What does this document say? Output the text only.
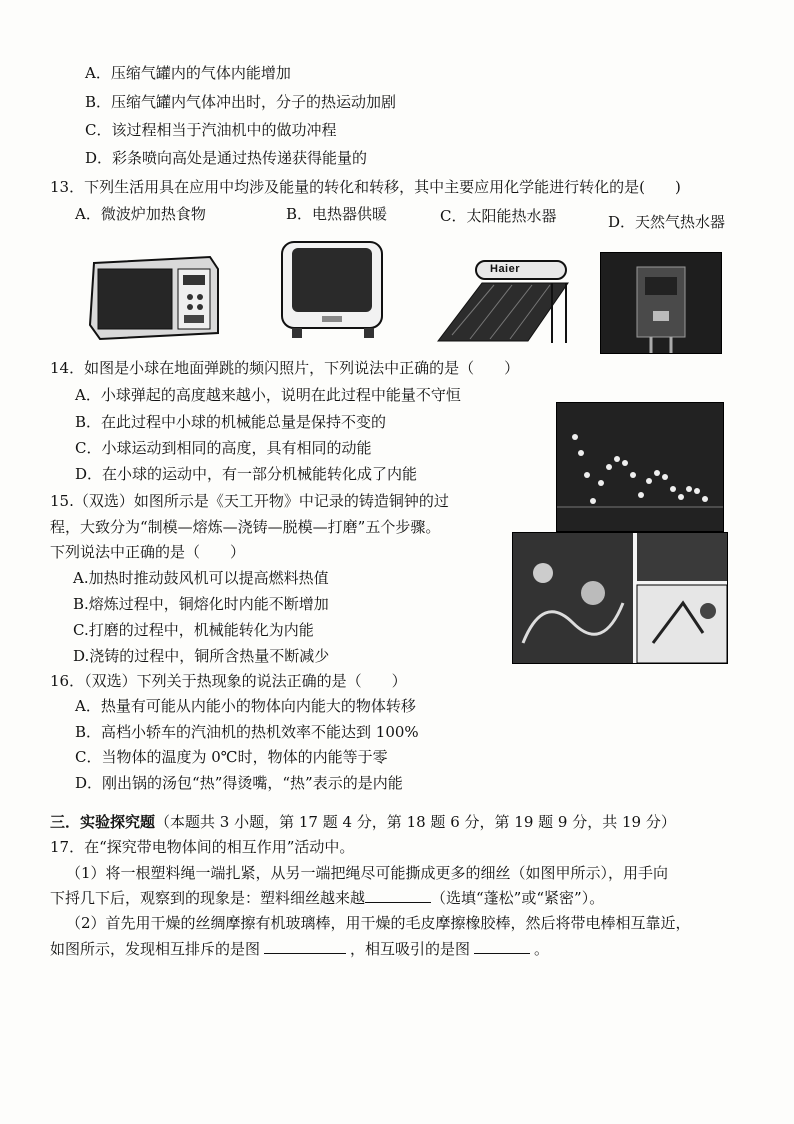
A．压缩气罐内的气体内能增加
B．压缩气罐内气体冲出时，分子的热运动加剧
C．该过程相当于汽油机中的做功冲程
D．彩条喷向高处是通过热传递获得能量的
13．下列生活用具在应用中均涉及能量的转化和转移，其中主要应用化学能进行转化的是(　　)
A．微波炉加热食物	B．电热器供暖	C．太阳能热水器	D．天然气热水器
Haier
14．如图是小球在地面弹跳的频闪照片，下列说法中正确的是（　　）
A．小球弹起的高度越来越小，说明在此过程中能量不守恒
B．在此过程中小球的机械能总量是保持不变的
C．小球运动到相同的高度，具有相同的动能
D．在小球的运动中，有一部分机械能转化成了内能
15.（双选）如图所示是《天工开物》中记录的铸造铜钟的过
程，大致分为“制模—熔炼—浇铸—脱模—打磨”五个步骤。
下列说法中正确的是（　　）
A.加热时推动鼓风机可以提高燃料热值
B.熔炼过程中，铜熔化时内能不断增加
C.打磨的过程中，机械能转化为内能
D.浇铸的过程中，铜所含热量不断减少
16．（双选）下列关于热现象的说法正确的是（　　）
A．热量有可能从内能小的物体向内能大的物体转移
B．高档小轿车的汽油机的热机效率不能达到 100%
C．当物体的温度为 0℃时，物体的内能等于零
D．刚出锅的汤包“热”得烫嘴，“热”表示的是内能
三．实验探究题（本题共 3 小题，第 17 题 4 分，第 18 题 6 分，第 19 题 9 分，共 19 分）
17．在“探究带电物体间的相互作用”活动中。
（1）将一根塑料绳一端扎紧，从另一端把绳尽可能撕成更多的细丝（如图甲所示），用手向
下捋几下后，观察到的现象是：塑料细丝越来越	（选填“蓬松”或“紧密”）。
（2）首先用干燥的丝绸摩擦有机玻璃棒，用干燥的毛皮摩擦橡胶棒，然后将带电棒相互靠近，
如图所示，发现相互排斥的是图	，相互吸引的是图	。
